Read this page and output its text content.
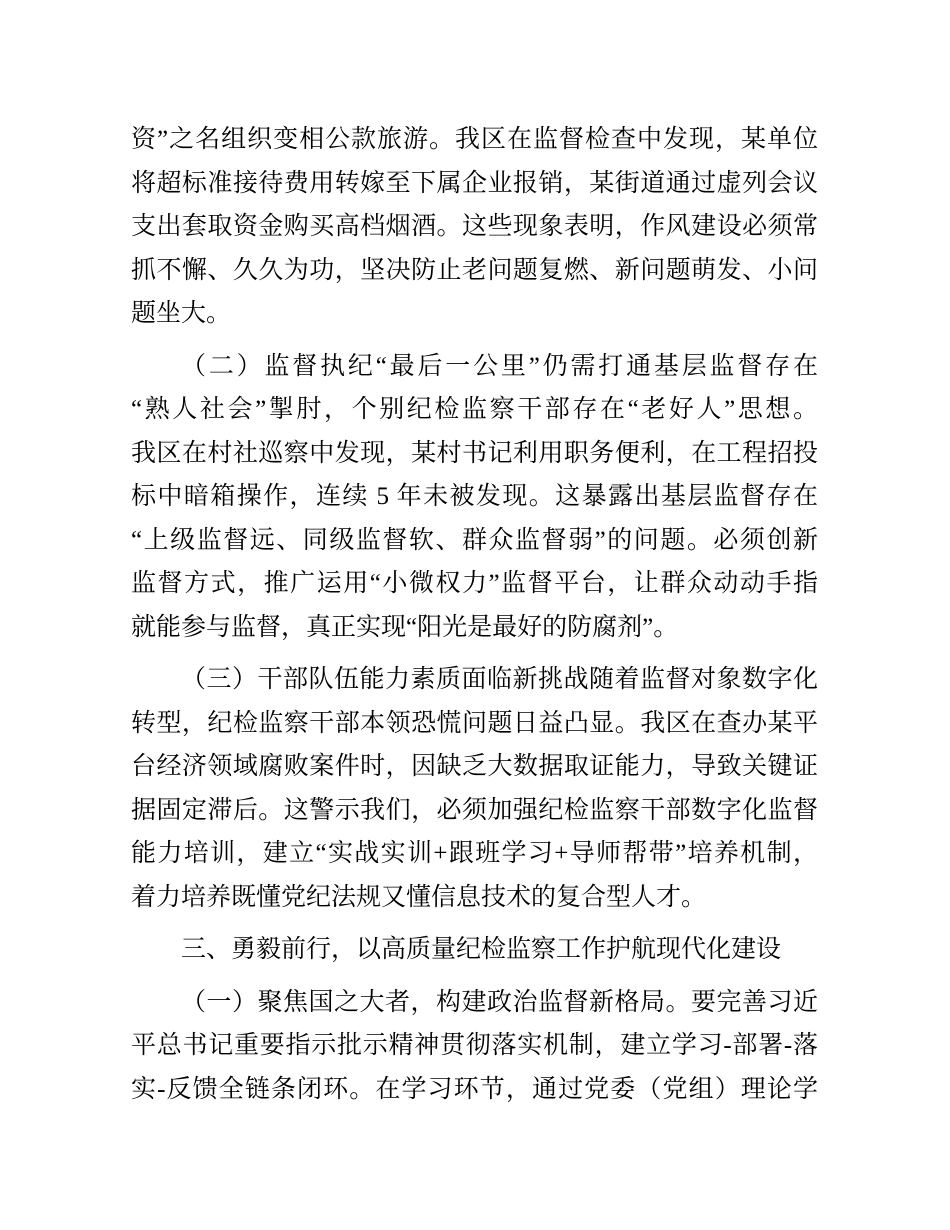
资”之名组织变相公款旅游。我区在监督检查中发现，某单位
将超标准接待费用转嫁至下属企业报销，某街道通过虚列会议
支出套取资金购买高档烟酒。这些现象表明，作风建设必须常
抓不懈、久久为功，坚决防止老问题复燃、新问题萌发、小问
题坐大。
（二）监督执纪“最后一公里”仍需打通基层监督存在
“熟人社会”掣肘，个别纪检监察干部存在“老好人”思想。
我区在村社巡察中发现，某村书记利用职务便利，在工程招投
标中暗箱操作，连续 5 年未被发现。这暴露出基层监督存在
“上级监督远、同级监督软、群众监督弱”的问题。必须创新
监督方式，推广运用“小微权力”监督平台，让群众动动手指
就能参与监督，真正实现“阳光是最好的防腐剂”。
（三）干部队伍能力素质面临新挑战随着监督对象数字化
转型，纪检监察干部本领恐慌问题日益凸显。我区在查办某平
台经济领域腐败案件时，因缺乏大数据取证能力，导致关键证
据固定滞后。这警示我们，必须加强纪检监察干部数字化监督
能力培训，建立“实战实训+跟班学习+导师帮带”培养机制，
着力培养既懂党纪法规又懂信息技术的复合型人才。
三、勇毅前行，以高质量纪检监察工作护航现代化建设
（一）聚焦国之大者，构建政治监督新格局。要完善习近
平总书记重要指示批示精神贯彻落实机制，建立学习-部署-落
实-反馈全链条闭环。在学习环节，通过党委（党组）理论学
